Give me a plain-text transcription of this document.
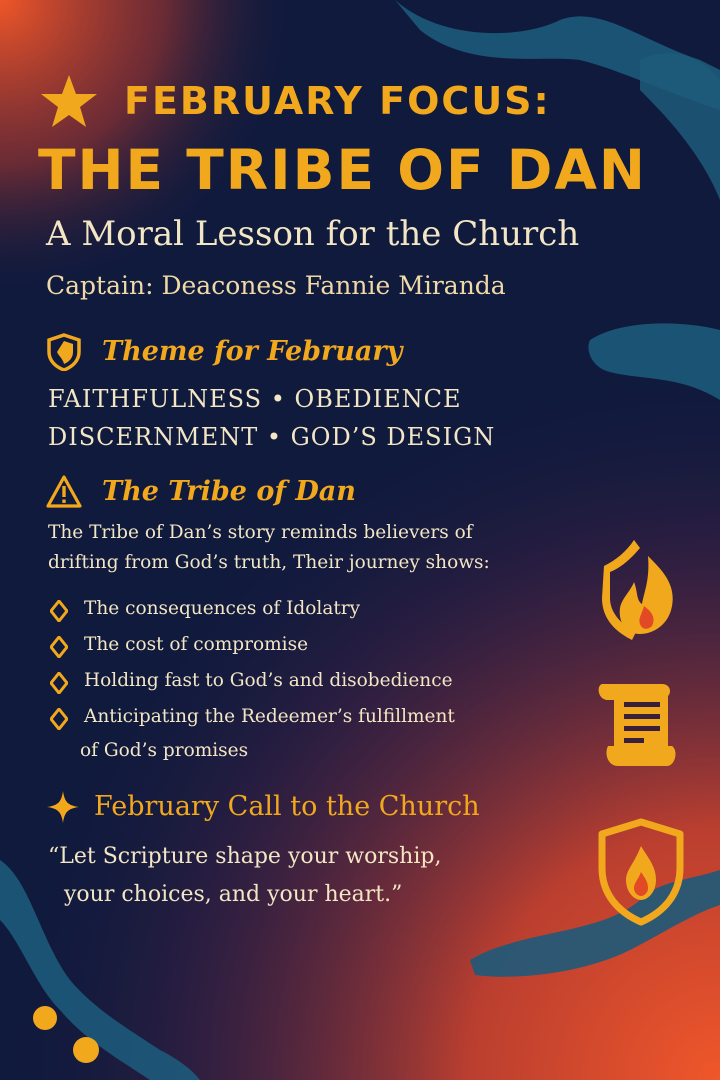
FEBRUARY FOCUS:
THE TRIBE OF DAN
A Moral Lesson for the Church
Captain: Deaconess Fannie Miranda
Theme for February
FAITHFULNESS • OBEDIENCE
DISCERNMENT • GOD’S DESIGN
The Tribe of Dan
The Tribe of Dan’s story reminds believers of
drifting from God’s truth, Their journey shows:
The consequences of Idolatry
The cost of compromise
Holding fast to God’s and disobedience
Anticipating the Redeemer’s fulfillment
of God’s promises
February Call to the Church
“Let Scripture shape your worship,
your choices, and your heart.”
